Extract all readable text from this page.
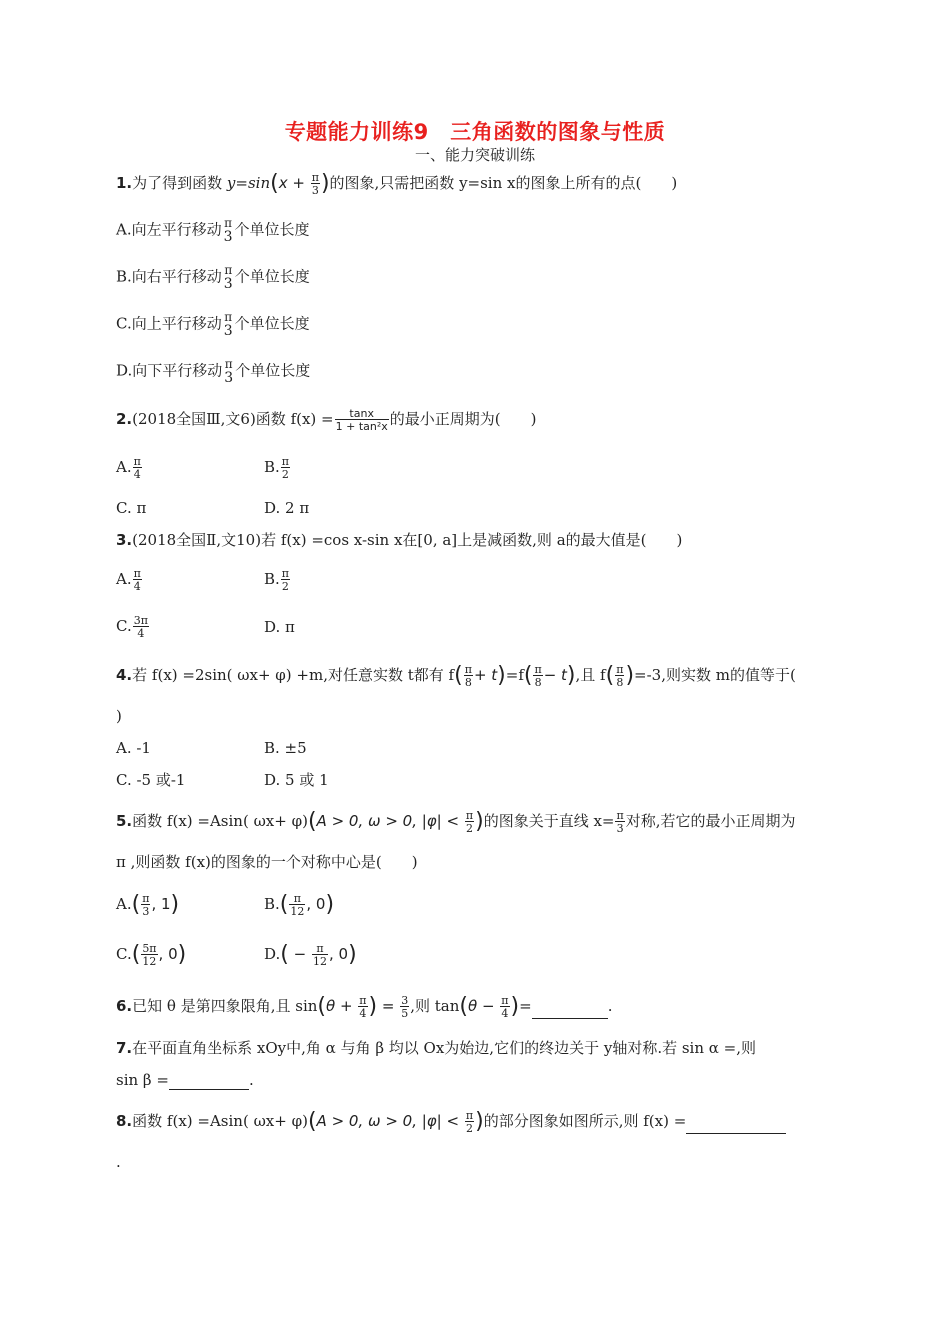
专题能力训练9　三角函数的图象与性质
一、能力突破训练
1.为了得到函数 $y=\sin(x + \frac{\pi}{3}$ )的图象,只需把函数 y=sin x的图象上所有的点(　　)
A.向左平行移动 π
3 个单位长度
B.向右平行移动 π
3 个单位长度
C.向上平行移动 π
3 个单位长度
D.向下平行移动 π
3 个单位长度
2.(2018全国Ⅲ,文6)函数 $f(x) = \frac{\tan x}{\text{1 + tan²x}}$ 的最小正周期为(　　)
A. $\frac{\pi}{4}$	B. $\frac{\pi}{2}$
C. π	D. 2 π
3.(2018全国Ⅱ,文10)若 f(x) =cos x-sin x在[0, a]上是减函数,则 a的最大值是(　　)
A. $\frac{\pi}{4}$	B. $\frac{\pi}{2}$
C. $\frac{3\pi}{4}$	D. π
4.若 f(x) =2sin( ωx+ φ) +m,对任意实数 t都有 $f( \frac{\pi}{8} + t)=f( \frac{\pi}{8} - t)$,且 $f( \frac{\pi}{8} )=-3$,则实数 m的值等于(
)
A. -1	B. ±5
C. -5 或-1	D. 5 或 1
5.函数 f(x) =Asin( ωx+ φ)(A > 0, ω > 0, $|\varphi| < \frac{\pi}{2}$ )的图象关于直线 $x= \frac{\pi}{3}$ 对称,若它的最小正周期为
π ,则函数 f(x)的图象的一个对称中心是(　　)
$A.( \frac{\pi}{3}$ , 1)	$B.( \frac{\pi}{12}$ , 0)
$C.( \frac{5\pi}{12}$ , 0)	$D.( - \frac{\pi}{12}$ , 0)
6.已知 θ 是第四象限角,且 $\sin(\theta + \frac{\pi}{4}$ ) = $\frac{3}{5}$ ,则 $\tan(\theta - \frac{\pi}{4}$ )=	.
7.在平面直角坐标系 xOy中,角 α 与角 β 均以 Ox为始边,它们的终边关于 y轴对称.若 sin α =,则
sin β =	.
8.函数 f(x) =Asin( ωx+ φ)(A > 0, ω > 0, $|\varphi| < \frac{\pi}{2}$ )的部分图象如图所示,则 f(x) =
.
